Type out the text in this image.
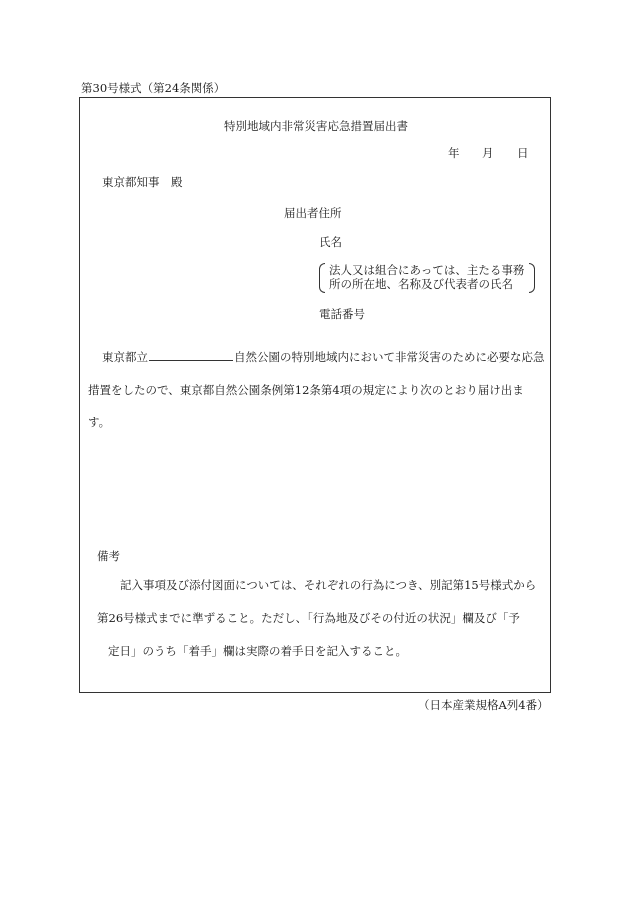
第30号様式（第24条関係）
特別地域内非常災害応急措置届出書
年 月 日
東京都知事　殿
届出者住所
氏名
法人又は組合にあっては、主たる事務
所の所在地、名称及び代表者の氏名
電話番号
東京都立	自然公園の特別地域内において非常災害のために必要な応急
措置をしたので、東京都自然公園条例第12条第4項の規定により次のとおり届け出ま
す。
備考
記入事項及び添付図面については、それぞれの行為につき、別記第15号様式から
第26号様式までに準ずること。ただし、「行為地及びその付近の状況」欄及び「予
定日」のうち「着手」欄は実際の着手日を記入すること。
（日本産業規格A列4番）
